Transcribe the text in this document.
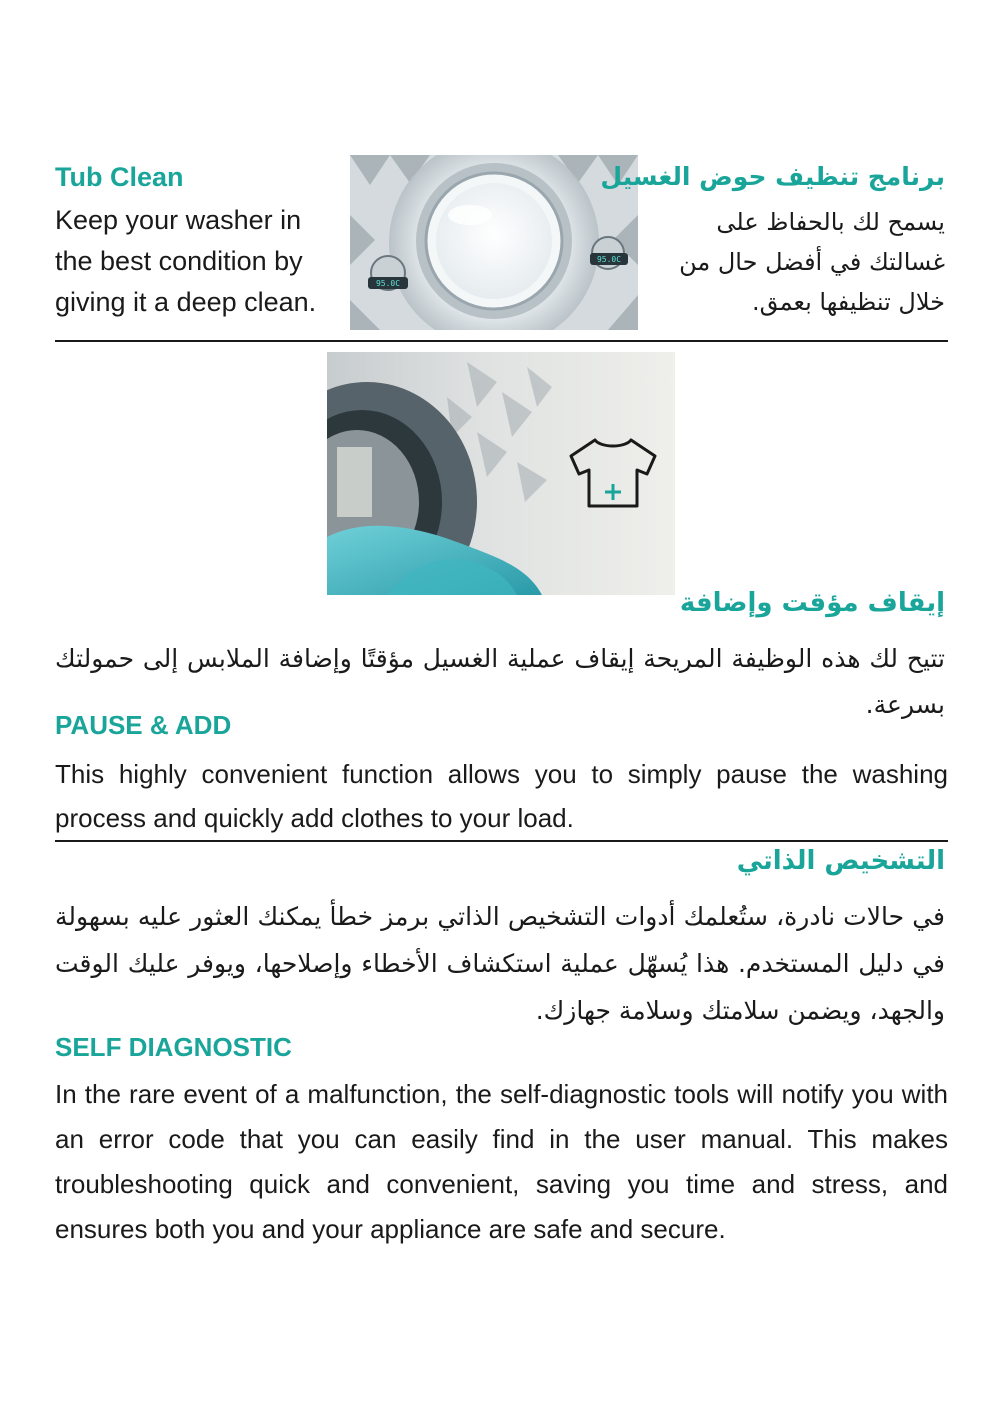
Tub Clean
Keep your washer in the best condition by giving it a deep clean.
95.0C
95.0C
برنامج تنظيف حوض الغسيل
يسمح لك بالحفاظ على غسالتك في أفضل حال من خلال تنظيفها بعمق.
إيقاف مؤقت وإضافة
تتيح لك هذه الوظيفة المريحة إيقاف عملية الغسيل مؤقتًا وإضافة الملابس إلى حمولتك بسرعة.
PAUSE & ADD
This highly convenient function allows you to simply pause the washing process and quickly add clothes to your load.
التشخيص الذاتي
في حالات نادرة، ستُعلمك أدوات التشخيص الذاتي برمز خطأ يمكنك العثور عليه بسهولة في دليل المستخدم. هذا يُسهّل عملية استكشاف الأخطاء وإصلاحها، ويوفر عليك الوقت والجهد، ويضمن سلامتك وسلامة جهازك.
SELF DIAGNOSTIC
In the rare event of a malfunction, the self-diagnostic tools will notify you with an error code that you can easily find in the user manual. This makes troubleshooting quick and convenient, saving you time and stress, and ensures both you and your appliance are safe and secure.
